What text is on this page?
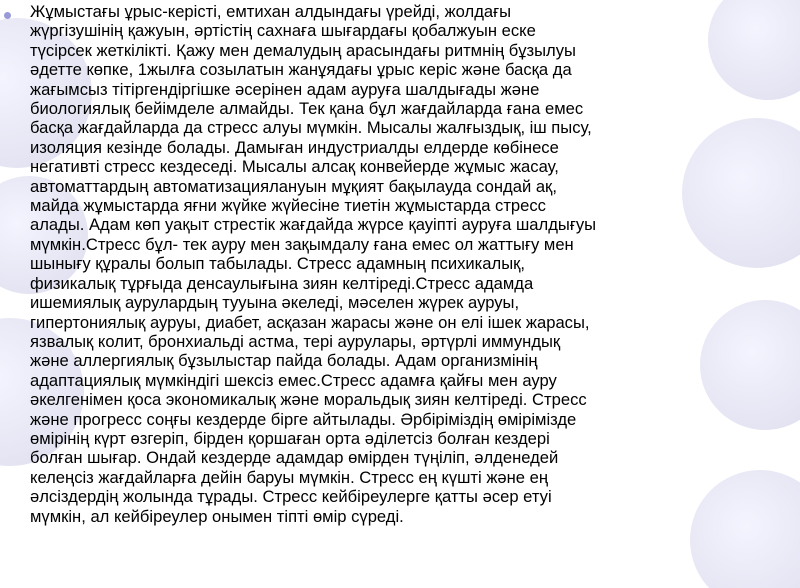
Жұмыстағы ұрыс-керісті, емтихан алдындағы үрейді, жолдағы
жүргізушінің қажуын, әртістің сахнаға шығардағы қобалжуын еске
түсірсек жеткілікті. Қажу мен демалудың арасындағы ритмнің бұзылуы
әдетте көпке, 1жылға созылатын жанұядағы ұрыс керіс және басқа да
жағымсыз тітіргендіргішке әсерінен адам ауруға шалдығады және
биологиялық бейімделе алмайды. Тек қана бұл жағдайларда ғана емес
басқа жағдайларда да стресс алуы мүмкін. Мысалы жалғыздық, іш пысу,
изоляция кезінде болады. Дамыған индустриалды елдерде көбінесе
негативті стресс кездеседі. Мысалы алсақ конвейерде жұмыс жасау,
автоматтардың автоматизациялануын мұқият бақылауда сондай ақ,
майда жұмыстарда яғни жүйке жүйесіне тиетін жұмыстарда стресс
алады. Адам көп уақыт стрестік жағдайда жүрсе қауіпті ауруға шалдығуы
мүмкін.Стресс бұл- тек ауру мен зақымдалу ғана емес ол жаттығу мен
шынығу құралы болып табылады. Стресс адамның психикалық,
физикалық тұрғыда денсаулығына зиян келтіреді.Стресс адамда
ишемиялық аурулардың тууына әкеледі, мәселен жүрек ауруы,
гипертониялық ауруы, диабет, асқазан жарасы және он елі ішек жарасы,
язвалық колит, бронхиальді астма, тері аурулары, әртүрлі иммундық
және аллергиялық бұзылыстар пайда болады. Адам организмінің
адаптациялық мүмкіндігі шексіз емес.Стресс адамға қайғы мен ауру
әкелгенімен қоса экономикалық және моральдық зиян келтіреді. Стресс
және прогресс соңғы кездерде бірге айтылады. Әрбіріміздің өмірімізде
өмірінің күрт өзгеріп, бірден қоршаған орта әділетсіз болған кездері
болған шығар. Ондай кездерде адамдар өмірден түңіліп, әлденедей
келеңсіз жағдайларға дейін баруы мүмкін. Стресс ең күшті және ең
әлсіздердің жолында тұрады. Стресс кейбіреулерге қатты әсер етуі
мүмкін, ал кейбіреулер онымен тіпті өмір сүреді.
